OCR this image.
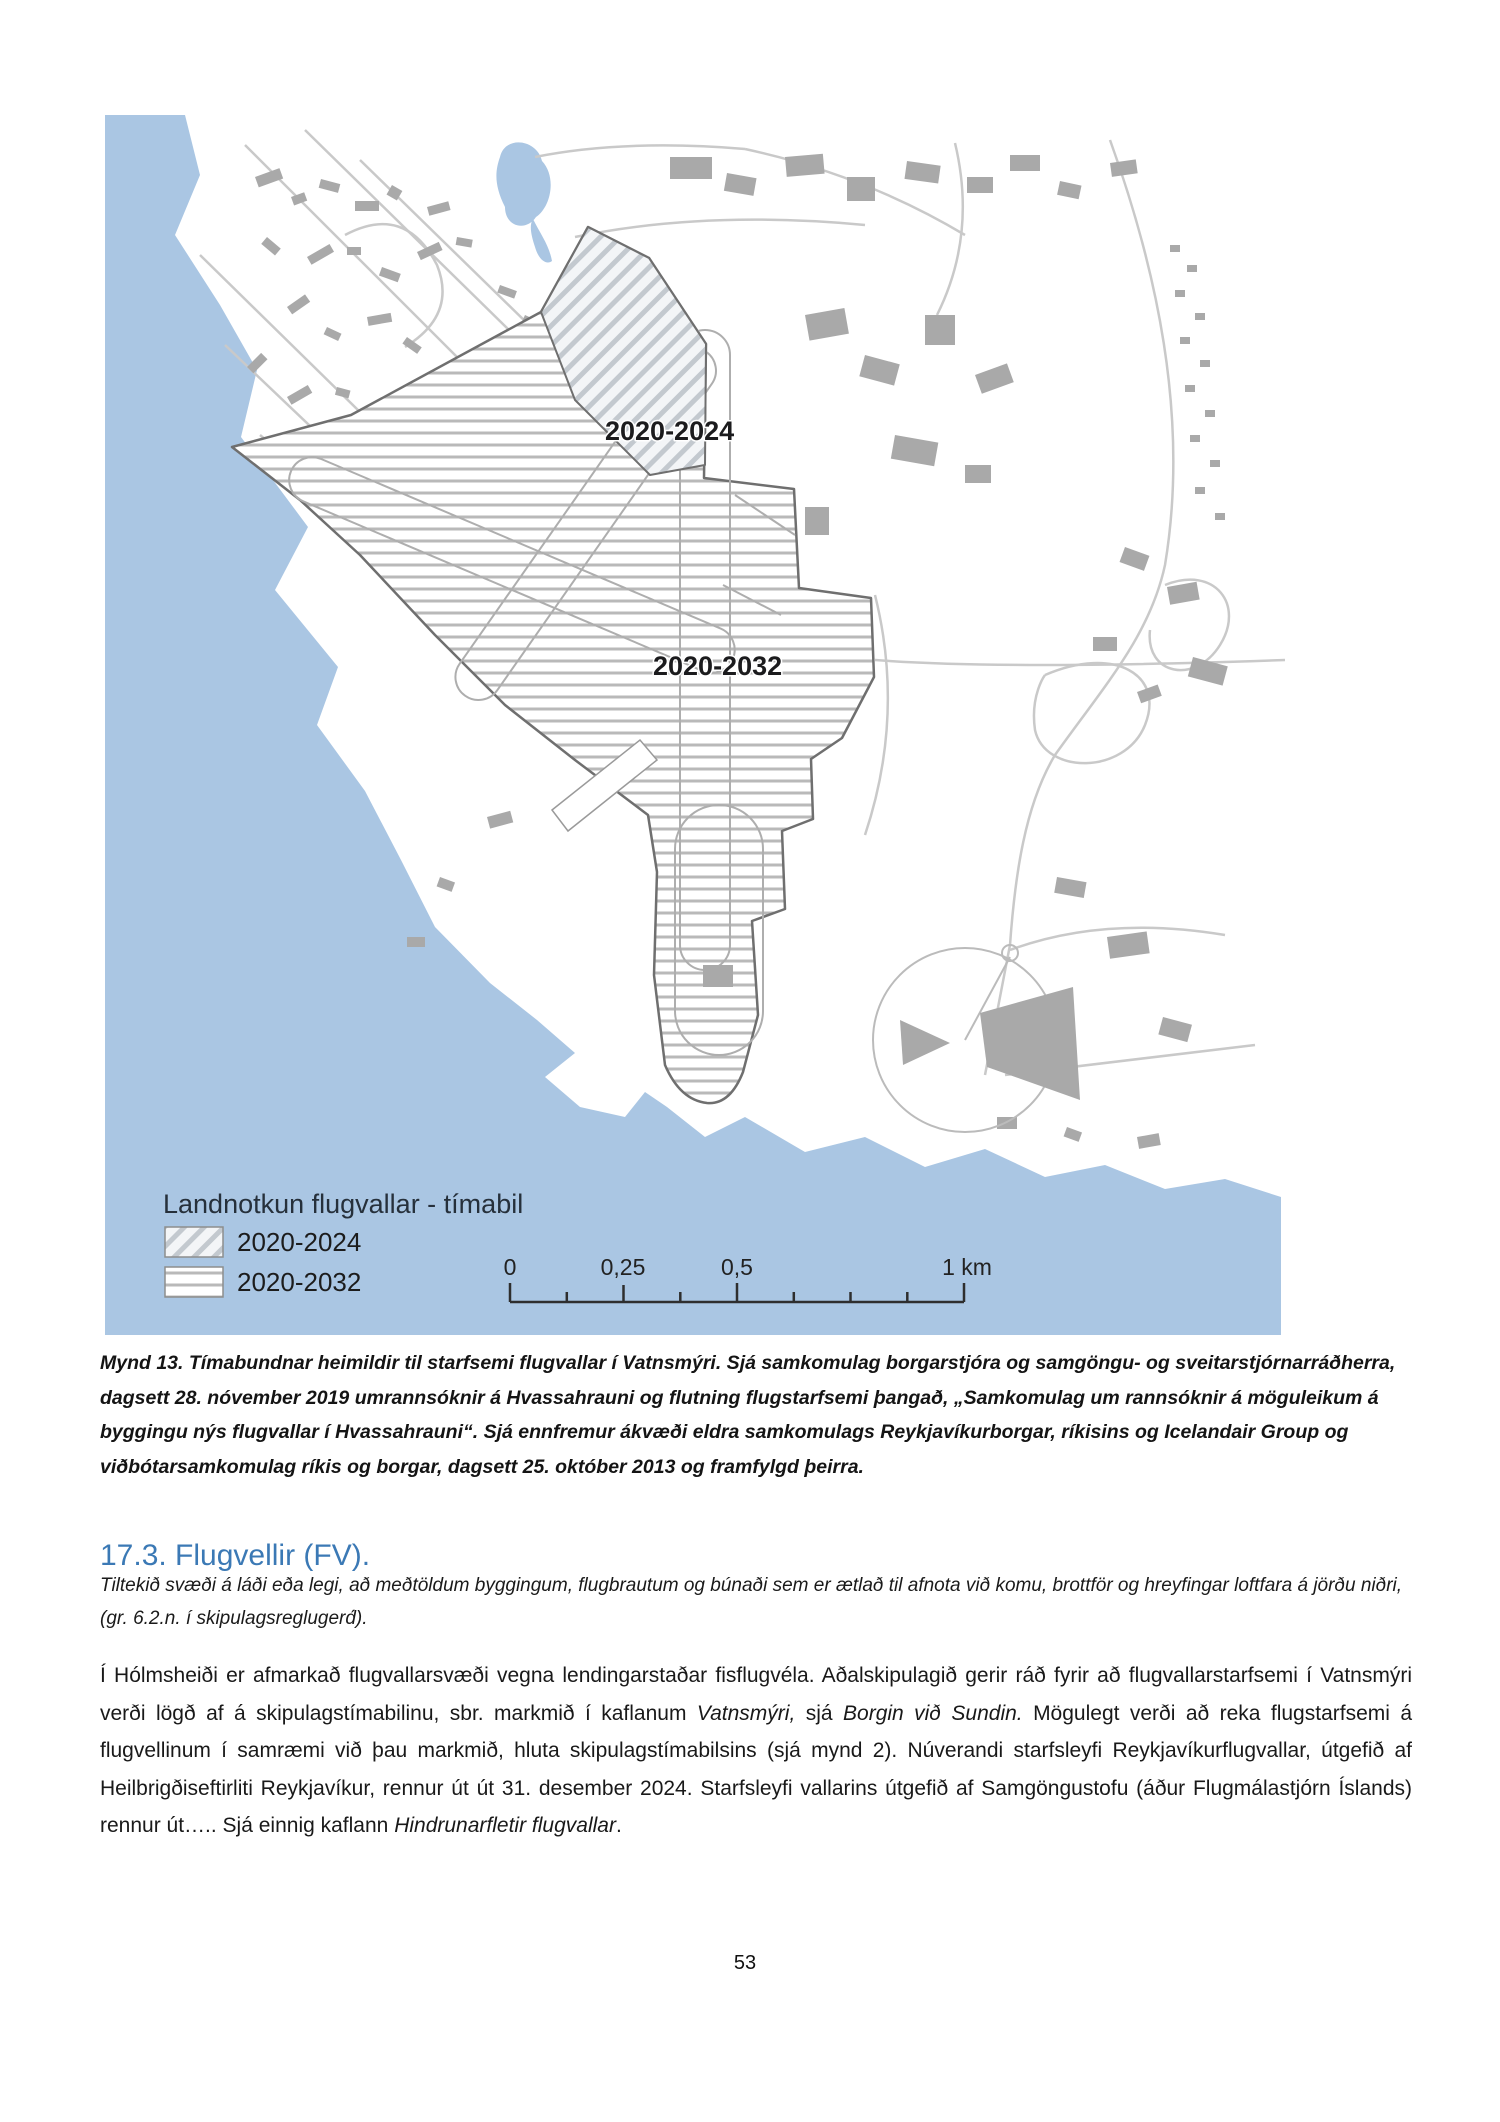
2020-2024
2020-2032
Landnotkun flugvallar - tímabil
2020-2024
2020-2032	0	0,25	0,5	1 km
Mynd 13. Tímabundnar heimildir til starfsemi flugvallar í Vatnsmýri. Sjá samkomulag borgarstjóra og samgöngu- og sveitarstjórnarráðherra, dagsett 28. nóvember 2019 umrannsóknir á Hvassahrauni og flutning flugstarfsemi þangað, „Samkomulag um rannsóknir á möguleikum á byggingu nýs flugvallar í Hvassahrauni“. Sjá ennfremur ákvæði eldra samkomulags Reykjavíkurborgar, ríkisins og Icelandair Group og viðbótarsamkomulag ríkis og borgar, dagsett 25. október 2013 og framfylgd þeirra.
17.3. Flugvellir (FV).
Tiltekið svæði á láði eða legi, að meðtöldum byggingum, flugbrautum og búnaði sem er ætlað til afnota við komu, brottför og hreyfingar loftfara á jörðu niðri, (gr. 6.2.n. í skipulagsreglugerd́).

Í Hólmsheiði er afmarkað flugvallarsvæði vegna lendingarstaðar fisflugvéla. Aðalskipulagið gerir ráð fyrir að flugvallarstarfsemi í Vatnsmýri verði lögð af á skipulagstímabilinu, sbr. markmið í kaflanum Vatnsmýri, sjá Borgin við Sundin. Mögulegt verði að reka flugstarfsemi á flugvellinum í samræmi við þau markmið, hluta skipulagstímabilsins (sjá mynd 2). Núverandi starfsleyfi Reykjavíkurflugvallar, útgefið af Heilbrigðiseftirliti Reykjavíkur, rennur út út 31. desember 2024. Starfsleyfi vallarins útgefið af Samgöngustofu (áður Flugmálastjórn Íslands) rennur út….. Sjá einnig kaflann Hindrunarfletir flugvallar.

53
